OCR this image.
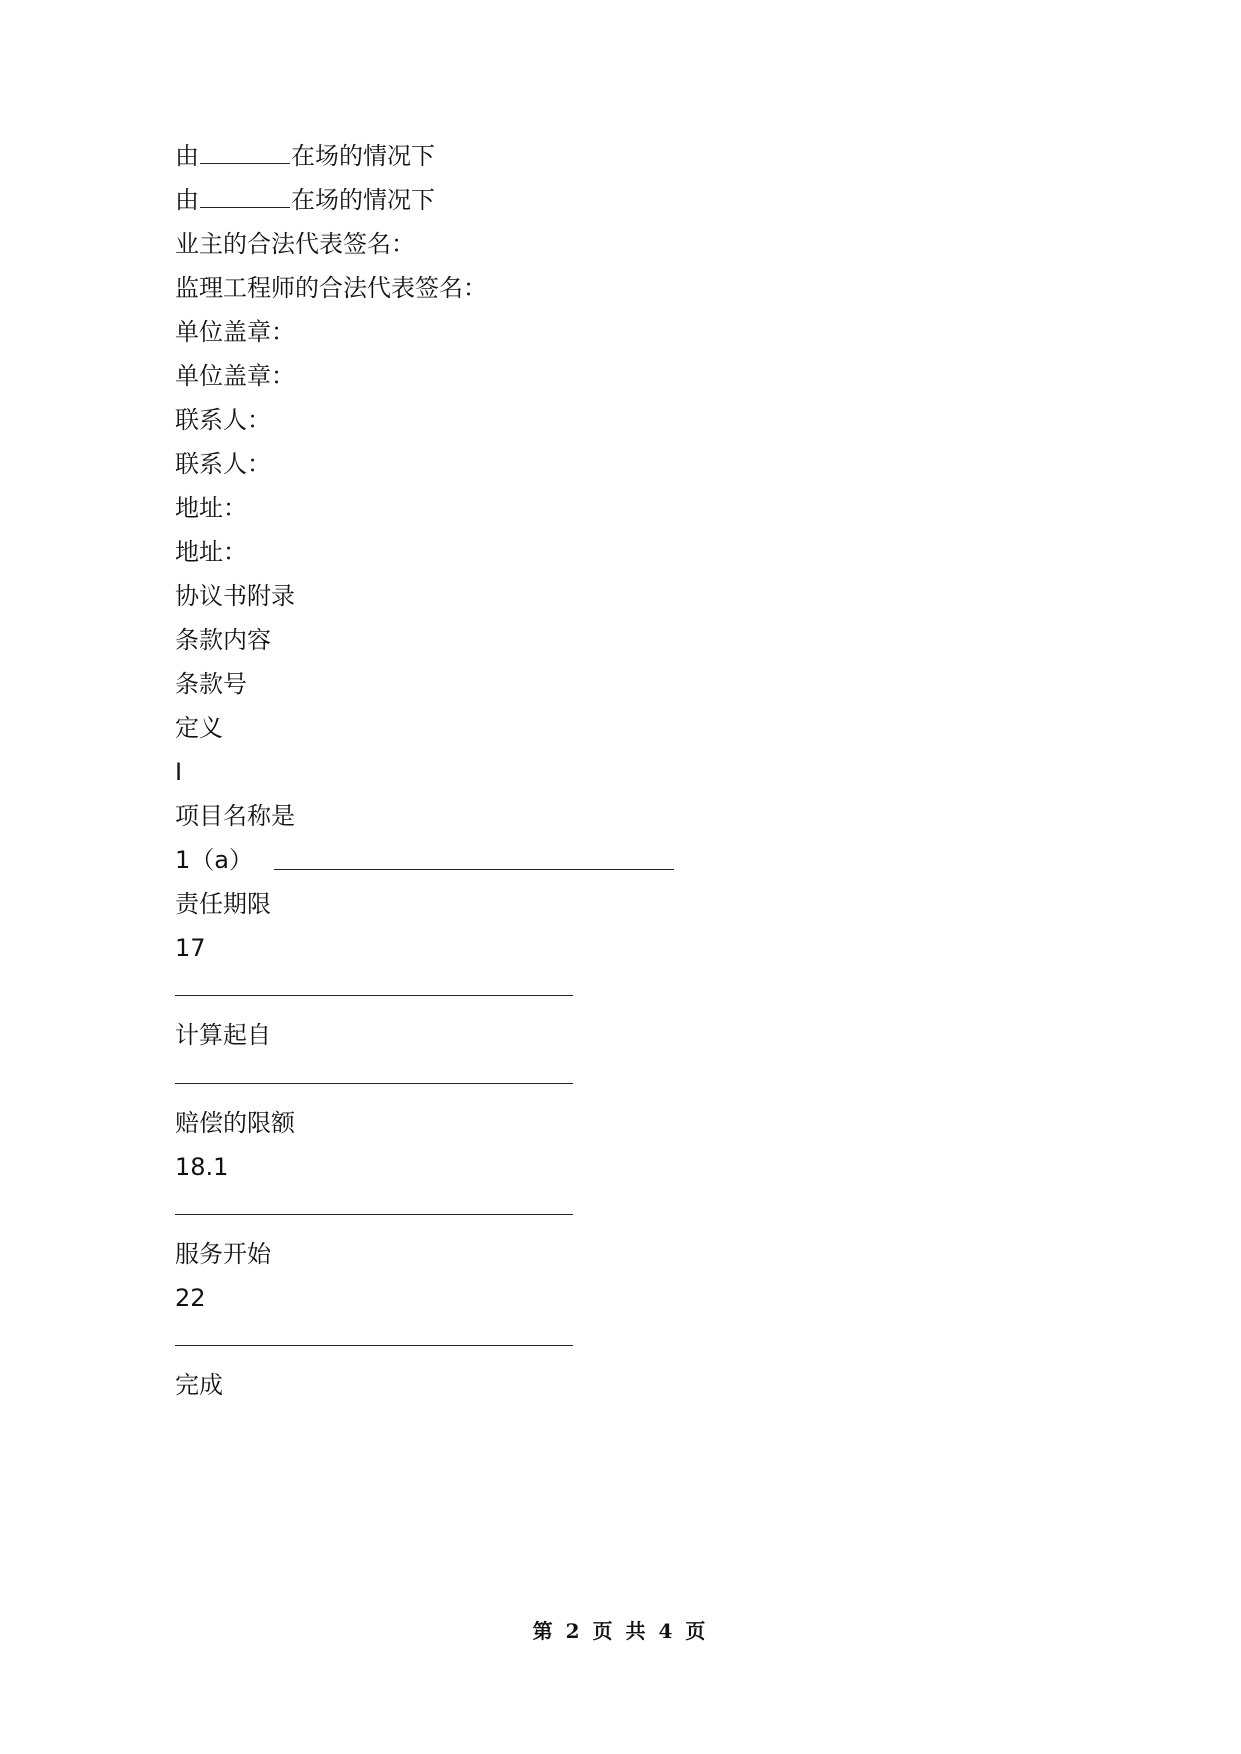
由	在场的情况下
由	在场的情况下
业主的合法代表签名：
监理工程师的合法代表签名：
单位盖章：
单位盖章：
联系人：
联系人：
地址：
地址：
协议书附录
条款内容
条款号
定义
I
项目名称是
1（a）
责任期限
17
计算起自
赔偿的限额
18.1
服务开始
22
完成
第 2 页 共 4 页
